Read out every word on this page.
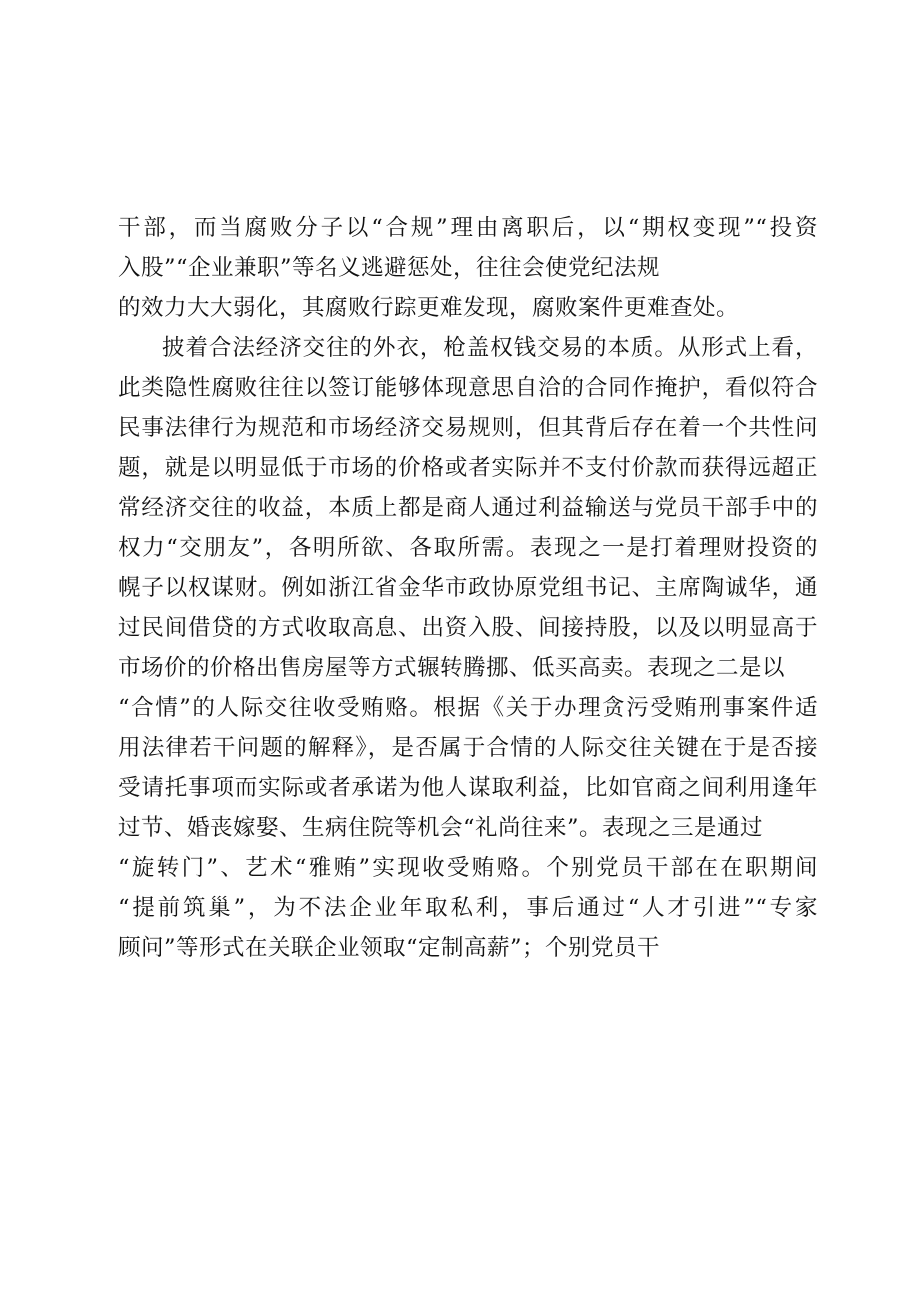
干部，而当腐败分子以“合规”理由离职后，以“期权变现”“投资
入股”“企业兼职”等名义逃避惩处，往往会使党纪法规
的效力大大弱化，其腐败行踪更难发现，腐败案件更难查处。
披着合法经济交往的外衣，枪盖权钱交易的本质。从形式上看，
此类隐性腐败往往以签订能够体现意思自洽的合同作掩护，看似符合
民事法律行为规范和市场经济交易规则，但其背后存在着一个共性问
题，就是以明显低于市场的价格或者实际并不支付价款而获得远超正
常经济交往的收益，本质上都是商人通过利益输送与党员干部手中的
权力“交朋友”，各明所欲、各取所需。表现之一是打着理财投资的
幌子以权谋财。例如浙江省金华市政协原党组书记、主席陶诚华，通
过民间借贷的方式收取高息、出资入股、间接持股，以及以明显高于
市场价的价格出售房屋等方式辗转腾挪、低买高卖。表现之二是以
“合情”的人际交往收受贿赂。根据《关于办理贪污受贿刑事案件适
用法律若干问题的解释》，是否属于合情的人际交往关键在于是否接
受请托事项而实际或者承诺为他人谋取利益，比如官商之间利用逢年
过节、婚丧嫁娶、生病住院等机会“礼尚往来”。表现之三是通过
“旋转门”、艺术“雅贿”实现收受贿赂。个别党员干部在在职期间
“提前筑巢”，为不法企业年取私利，事后通过“人才引进”“专家
顾问”等形式在关联企业领取“定制高薪”；个别党员干
